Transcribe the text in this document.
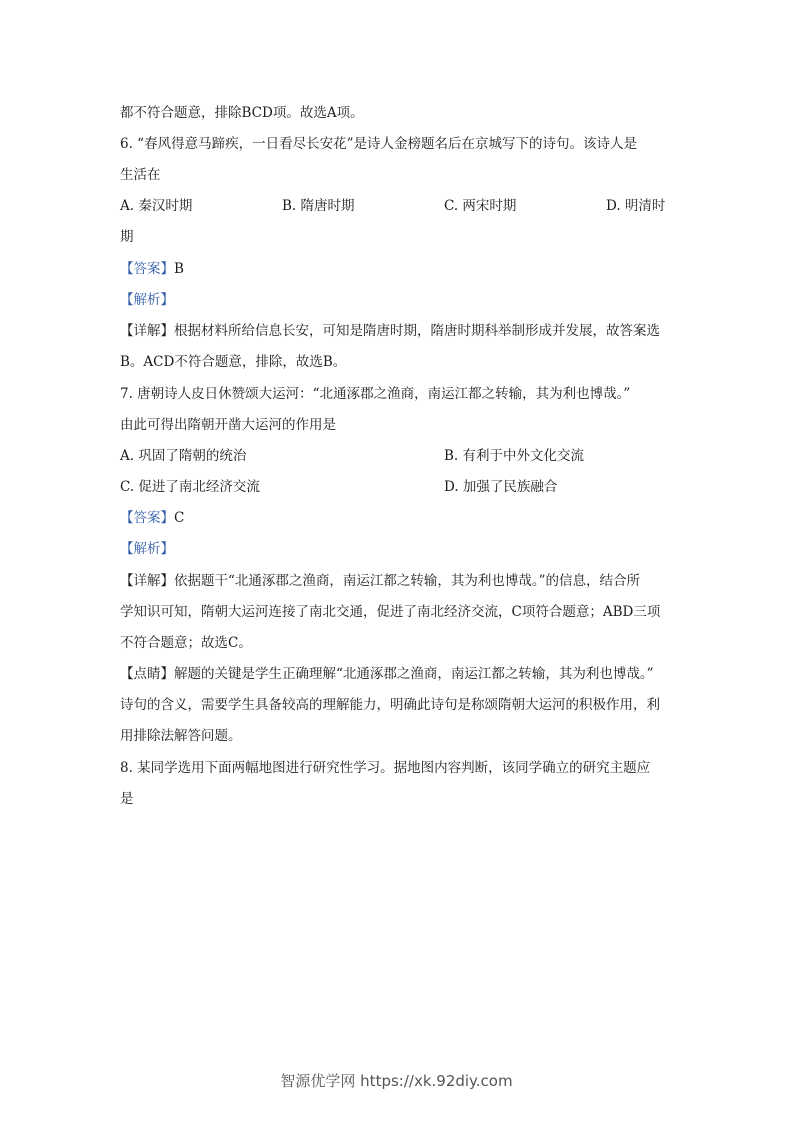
都不符合题意，排除BCD项。故选A项。
6. “春风得意马蹄疾，一日看尽长安花”是诗人金榜题名后在京城写下的诗句。该诗人是
生活在
A. 秦汉时期	B. 隋唐时期	C. 两宋时期	D. 明清时
期
【答案】B
【解析】
【详解】根据材料所给信息长安，可知是隋唐时期，隋唐时期科举制形成并发展，故答案选
B。ACD不符合题意，排除，故选B。
7. 唐朝诗人皮日休赞颂大运河：“北通涿郡之渔商，南运江都之转输，其为利也博哉。”
由此可得出隋朝开凿大运河的作用是
A. 巩固了隋朝的统治	B. 有利于中外文化交流
C. 促进了南北经济交流	D. 加强了民族融合
【答案】C
【解析】
【详解】依据题干“北通涿郡之渔商，南运江都之转输，其为利也博哉。”的信息，结合所
学知识可知，隋朝大运河连接了南北交通，促进了南北经济交流，C项符合题意；ABD三项
不符合题意；故选C。
【点睛】解题的关键是学生正确理解“北通涿郡之渔商，南运江都之转输，其为利也博哉。”
诗句的含义，需要学生具备较高的理解能力，明确此诗句是称颂隋朝大运河的积极作用，利
用排除法解答问题。
8. 某同学选用下面两幅地图进行研究性学习。据地图内容判断，该同学确立的研究主题应
是
智源优学网 https://xk.92diy.com
